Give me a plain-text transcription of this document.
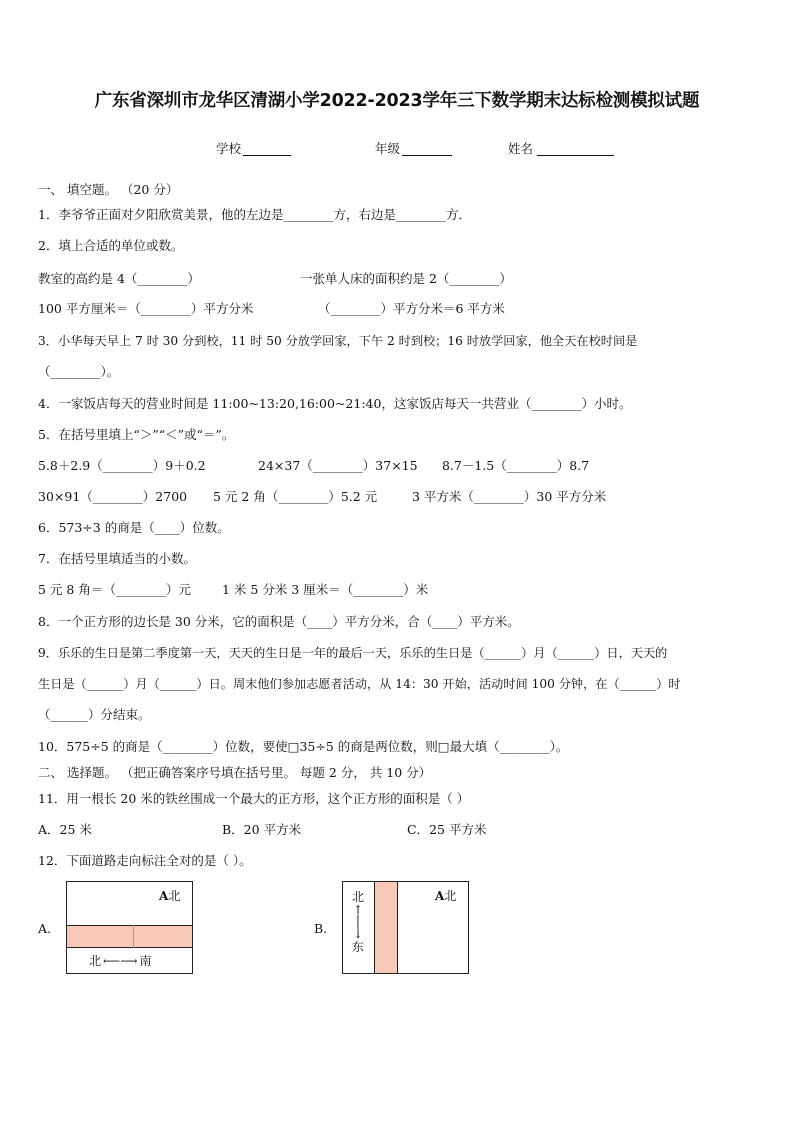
广东省深圳市龙华区清湖小学2022-2023学年三下数学期末达标检测模拟试题
学校	年级	姓名
一、 填空题。 （20 分）
1．李爷爷正面对夕阳欣赏美景，他的左边是________方，右边是________方．
2．填上合适的单位或数。
教室的高约是 4（________）	一张单人床的面积约是 2（________）
100 平方厘米＝（________）平方分米	（________）平方分米＝6 平方米
3．小华每天早上 7 时 30 分到校，11 时 50 分放学回家，下午 2 时到校；16 时放学回家，他全天在校时间是
（________）。
4．一家饭店每天的营业时间是 11:00~13:20,16:00~21:40，这家饭店每天一共营业（________）小时。
5．在括号里填上“＞”“＜”或“＝”。
5.8＋2.9（________）9＋0.2	24×37（________）37×15 8.7－1.5（________）8.7
30×91（________）2700 5 元 2 角（________）5.2 元	3 平方米（________）30 平方分米
6．573÷3 的商是（____）位数。
7．在括号里填适当的小数。
5 元 8 角＝（________）元 1 米 5 分米 3 厘米＝（________）米
8．一个正方形的边长是 30 分米，它的面积是（____）平方分米，合（____）平方米。
9．乐乐的生日是第二季度第一天，天天的生日是一年的最后一天，乐乐的生日是（______）月（______）日，天天的
生日是（______）月（______）日。周末他们参加志愿者活动，从 14：30 开始，活动时间 100 分钟，在（______）时
（______）分结束。
10．575÷5 的商是（________）位数，要使□35÷5 的商是两位数，则□最大填（________）。
二、 选择题。 （把正确答案序号填在括号里。 每题 2 分， 共 10 分）
11．用一根长 20 米的铁丝围成一个最大的正方形，这个正方形的面积是（ ）
A．25 米	B．20 平方米	C．25 平方米
12．下面道路走向标注全对的是（ ）。
A.
𝐀北
北 ⟵⟶ 南
B.
𝐀北
北
↑
│
↓
东
